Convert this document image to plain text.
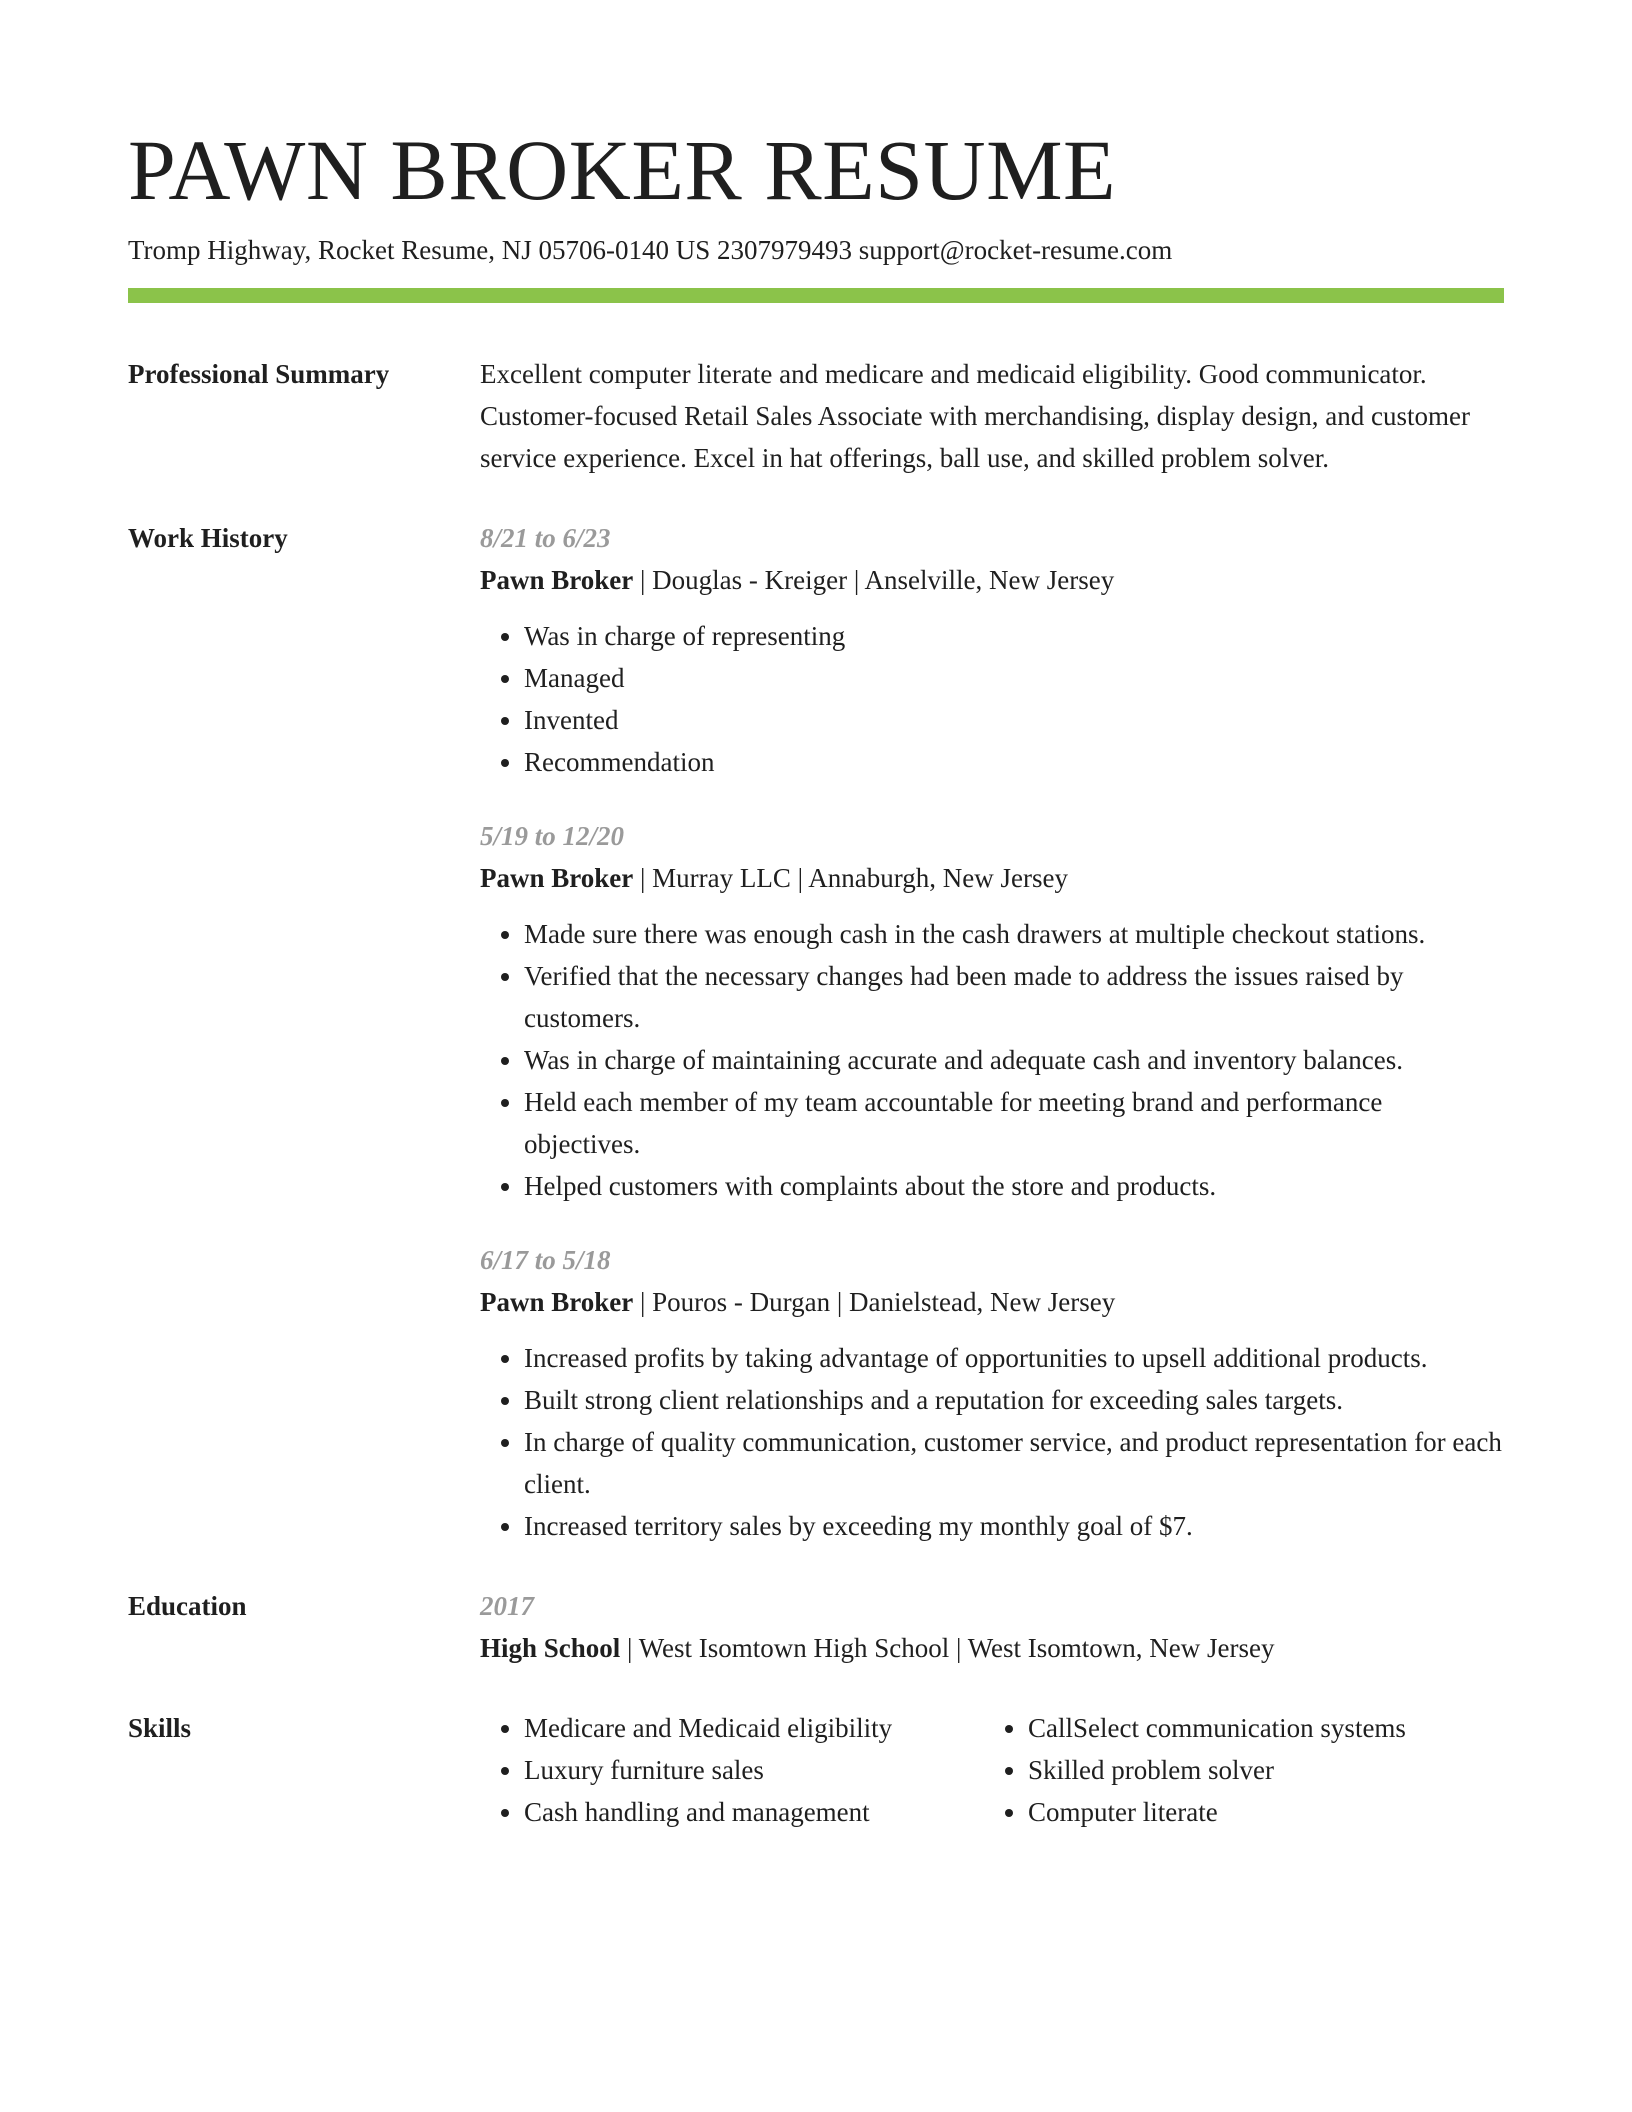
PAWN BROKER RESUME
Tromp Highway, Rocket Resume, NJ 05706-0140 US 2307979493 support@rocket-resume.com
Professional Summary	Excellent computer literate and medicare and medicaid eligibility. Good communicator. Customer-focused Retail Sales Associate with merchandising, display design, and customer service experience. Excel in hat offerings, ball use, and skilled problem solver.
Work History	8/21 to 6/23
Pawn Broker | Douglas - Kreiger | Anselville, New Jersey
• Was in charge of representing
• Managed
• Invented
• Recommendation
5/19 to 12/20
Pawn Broker | Murray LLC | Annaburgh, New Jersey
• Made sure there was enough cash in the cash drawers at multiple checkout stations.
• Verified that the necessary changes had been made to address the issues raised by customers.
• Was in charge of maintaining accurate and adequate cash and inventory balances.
• Held each member of my team accountable for meeting brand and performance objectives.
• Helped customers with complaints about the store and products.
6/17 to 5/18
Pawn Broker | Pouros - Durgan | Danielstead, New Jersey
• Increased profits by taking advantage of opportunities to upsell additional products.
• Built strong client relationships and a reputation for exceeding sales targets.
• In charge of quality communication, customer service, and product representation for each client.
• Increased territory sales by exceeding my monthly goal of $7.
Education	2017
High School | West Isomtown High School | West Isomtown, New Jersey
Skills
•	Medicare and Medicaid eligibility
• Luxury furniture sales
• Cash handling and management
• CallSelect communication systems
• Skilled problem solver
• Computer literate
